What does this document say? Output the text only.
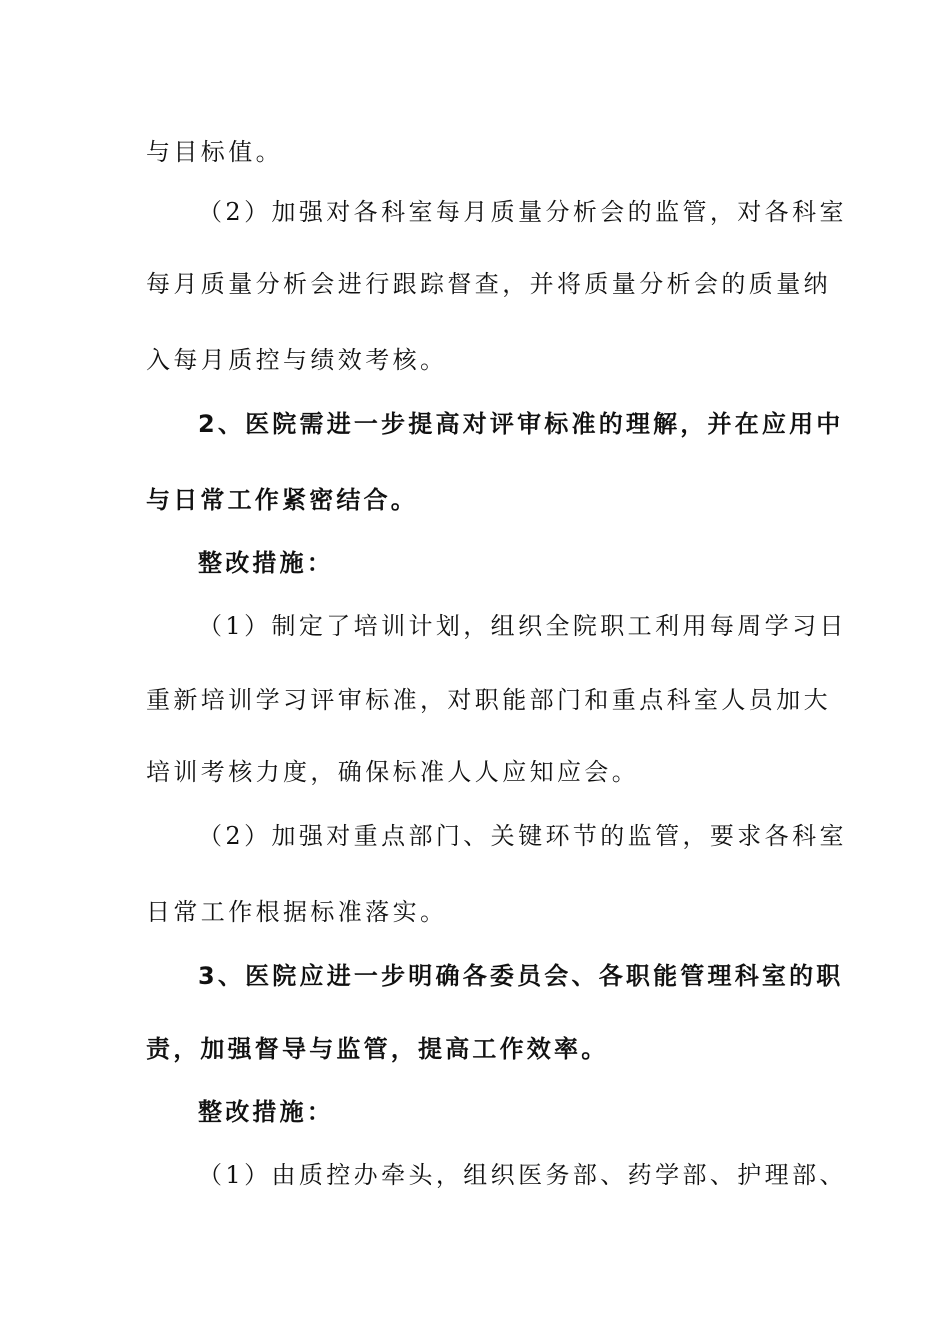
与目标值。
（2）加强对各科室每月质量分析会的监管，对各科室
每月质量分析会进行跟踪督查，并将质量分析会的质量纳
入每月质控与绩效考核。
2、医院需进一步提高对评审标准的理解，并在应用中
与日常工作紧密结合。
整改措施：
（1）制定了培训计划，组织全院职工利用每周学习日
重新培训学习评审标准，对职能部门和重点科室人员加大
培训考核力度，确保标准人人应知应会。
（2）加强对重点部门、关键环节的监管，要求各科室
日常工作根据标准落实。
3、医院应进一步明确各委员会、各职能管理科室的职
责，加强督导与监管，提高工作效率。
整改措施：
（1）由质控办牵头，组织医务部、药学部、护理部、
